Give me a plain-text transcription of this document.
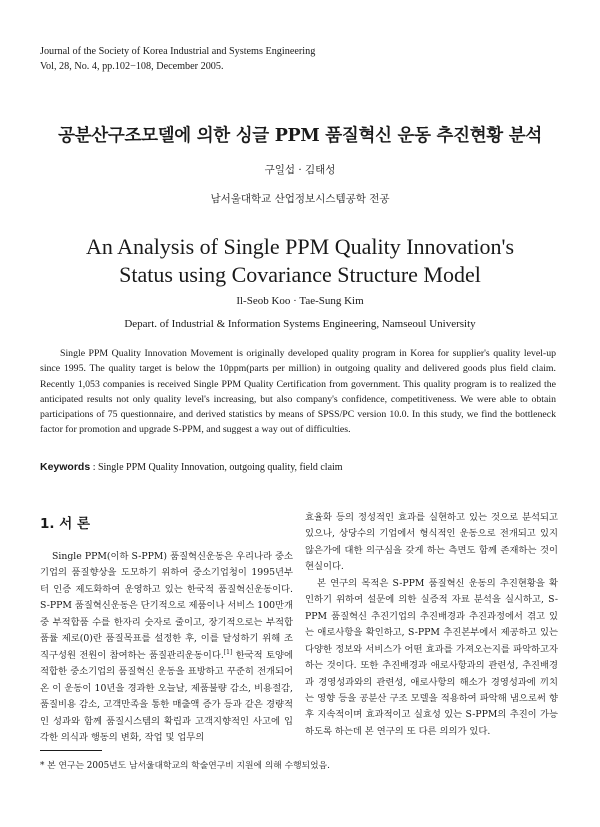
Journal of the Society of Korea Industrial and Systems Engineering
Vol, 28, No. 4, pp.102−108, December 2005.
공분산구조모델에 의한 싱글 PPM 품질혁신 운동 추진현황 분석
구일섭 · 김태성
남서울대학교 산업정보시스템공학 전공
An Analysis of Single PPM Quality Innovation's
Status using Covariance Structure Model
Il-Seob Koo · Tae-Sung Kim
Depart. of Industrial & Information Systems Engineering, Namseoul University
Single PPM Quality Innovation Movement is originally developed quality program in Korea for supplier's quality level-up since 1995. The quality target is below the 10ppm(parts per million) in outgoing quality and delivered goods plus field claim. Recently 1,053 companies is received Single PPM Quality Certification from government. This quality program is to realized the anticipated results not only quality level's increasing, but also company's confidence, competitiveness. We were able to obtain participations of 75 questionnaire, and derived statistics by means of SPSS/PC version 10.0. In this study, we find the bottleneck factor for promotion and upgrade S-PPM, and suggest a way out of difficulties.
Keywords : Single PPM Quality Innovation, outgoing quality, field claim
1. 서 론

Single PPM(이하 S-PPM) 품질혁신운동은 우리나라 중소기업의 품질향상을 도모하기 위하여 중소기업청이 1995년부터 인증 제도화하여 운영하고 있는 한국적 품질혁신운동이다. S-PPM 품질혁신운동은 단기적으로 제품이나 서비스 100만개 중 부적합품 수를 한자리 숫자로 줄이고, 장기적으로는 부적합품률 제로(0)란 품질목표를 설정한 후, 이를 달성하기 위해 조직구성원 전원이 참여하는 품질관리운동이다.[1] 한국적 토양에 적합한 중소기업의 품질혁신 운동을 표방하고 꾸준히 전개되어온 이 운동이 10년을 경과한 오늘날, 제품불량 감소, 비용절감, 품질비용 감소, 고객만족을 통한 매출액 증가 등과 같은 경량적인 성과와 함께 품질시스템의 확립과 고객지향적인 사고에 입각한 의식과 행동의 변화, 작업 및 업무의

효율화 등의 정성적인 효과를 실현하고 있는 것으로 분석되고 있으나, 상당수의 기업에서 형식적인 운동으로 전개되고 있지 않은가에 대한 의구심을 갖게 하는 측면도 함께 존재하는 것이 현실이다.

본 연구의 목적은 S-PPM 품질혁신 운동의 추진현황을 확인하기 위하여 설문에 의한 실증적 자료 분석을 실시하고, S-PPM 품질혁신 추진기업의 추진배경과 추진과정에서 겪고 있는 애로사항을 확인하고, S-PPM 추진본부에서 제공하고 있는 다양한 정보와 서비스가 어떤 효과를 가져오는지를 파악하고자 하는 것이다. 또한 추진배경과 애로사항과의 관련성, 추진배경과 경영성과와의 관련성, 애로사항의 해소가 경영성과에 끼치는 영향 등을 공분산 구조 모델을 적용하여 파악해 냄으로써 향후 지속적이며 효과적이고 실효성 있는 S-PPM의 추진이 가능하도록 하는데 본 연구의 또 다른 의의가 있다.

* 본 연구는 2005년도 남서울대학교의 학술연구비 지원에 의해 수행되었음.
